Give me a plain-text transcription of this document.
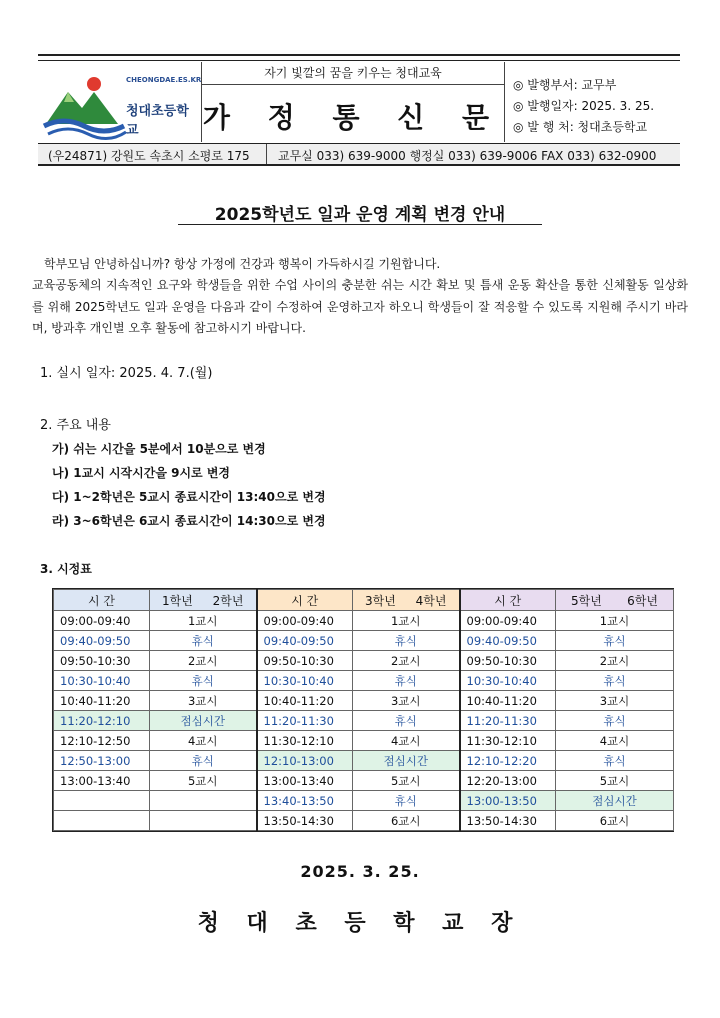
CHEONGDAE.ES.KR
청대초등학교
자기 빛깔의 꿈을 키우는 청대교육
가 정 통 신 문
◎ 발행부서: 교무부
◎ 발행일자: 2025. 3. 25.
◎ 발 행 처: 청대초등학교
(우24871) 강원도 속초시 소평로 175 교무실 033) 639-9000 행정실 033) 639-9006 FAX 033) 632-0900
2025학년도 일과 운영 계획 변경 안내
학부모님 안녕하십니까? 항상 가정에 건강과 행복이 가득하시길 기원합니다.
교육공동체의 지속적인 요구와 학생들을 위한 수업 사이의 충분한 쉬는 시간 확보 및 틈새 운동 확산을 통한 신체활동 일상화를 위해 2025학년도 일과 운영을 다음과 같이 수정하여 운영하고자 하오니 학생들이 잘 적응할 수 있도록 지원해 주시기 바라며, 방과후 개인별 오후 활동에 참고하시기 바랍니다.
1. 실시 일자: 2025. 4. 7.(월)
2. 주요 내용
가) 쉬는 시간을 5분에서 10분으로 변경
나) 1교시 시작시간을 9시로 변경
다) 1~2학년은 5교시 종료시간이 13:40으로 변경
라) 3~6학년은 6교시 종료시간이 14:30으로 변경
3. 시정표
시 간	1학년 2학년	시 간	3학년 4학년	시 간	5학년 6학년
09:00-09:40	1교시	09:00-09:40	1교시	09:00-09:40	1교시
09:40-09:50	휴식	09:40-09:50	휴식	09:40-09:50	휴식
09:50-10:30	2교시	09:50-10:30	2교시	09:50-10:30	2교시
10:30-10:40	휴식	10:30-10:40	휴식	10:30-10:40	휴식
10:40-11:20	3교시	10:40-11:20	3교시	10:40-11:20	3교시
11:20-12:10	점심시간	11:20-11:30	휴식	11:20-11:30	휴식
12:10-12:50	4교시	11:30-12:10	4교시	11:30-12:10	4교시
12:50-13:00	휴식	12:10-13:00	점심시간	12:10-12:20	휴식
13:00-13:40	5교시	13:00-13:40	5교시	12:20-13:00	5교시
		13:40-13:50	휴식	13:00-13:50	점심시간
		13:50-14:30	6교시	13:50-14:30	6교시
2025. 3. 25.
청 대 초 등 학 교 장
